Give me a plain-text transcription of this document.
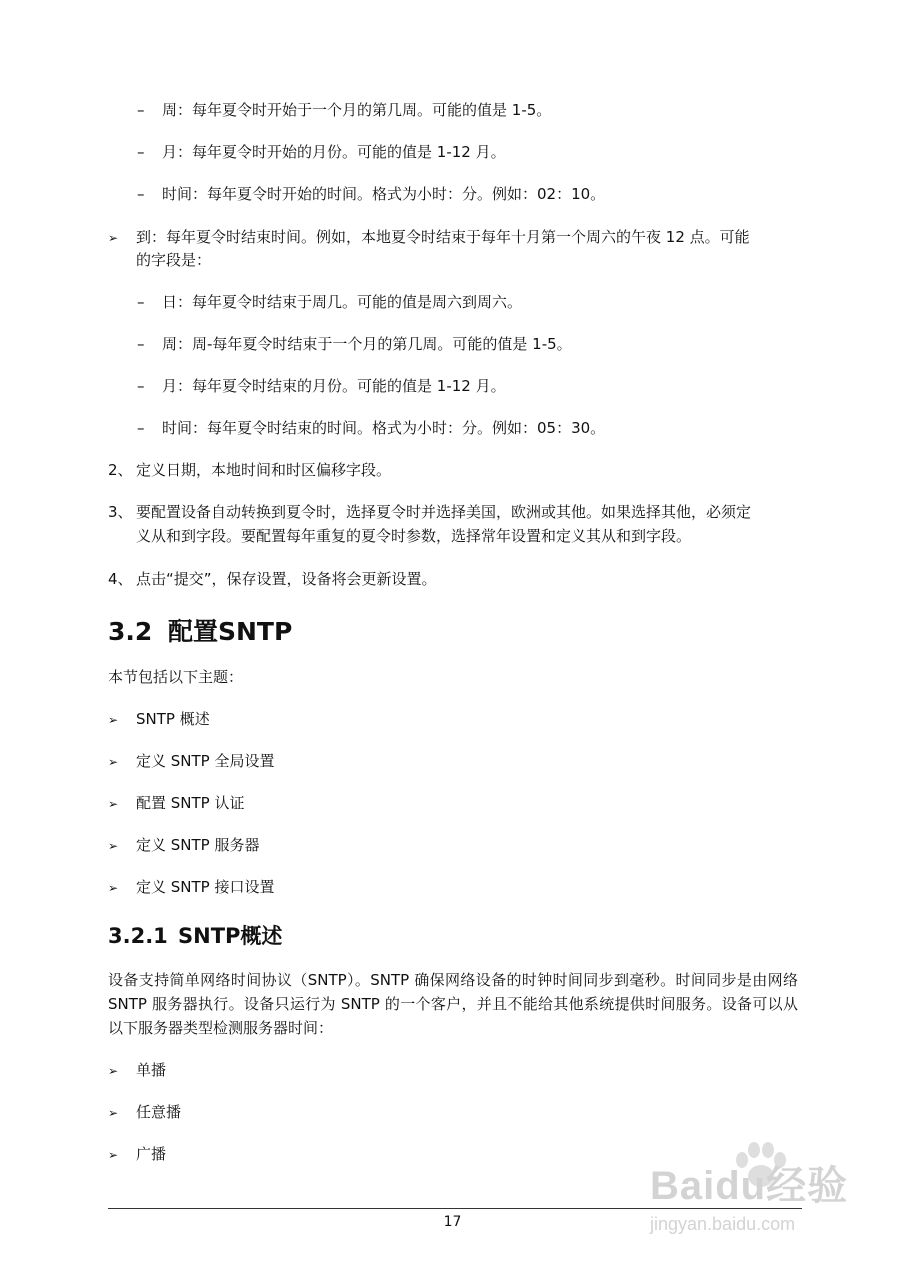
– 周：每年夏令时开始于一个月的第几周。可能的值是 1-5。
– 月：每年夏令时开始的月份。可能的值是 1-12 月。
– 时间：每年夏令时开始的时间。格式为小时：分。例如：02：10。
➢ 到：每年夏令时结束时间。例如，本地夏令时结束于每年十月第一个周六的午夜 12 点。可能
的字段是：
– 日：每年夏令时结束于周几。可能的值是周六到周六。
– 周：周-每年夏令时结束于一个月的第几周。可能的值是 1-5。
– 月：每年夏令时结束的月份。可能的值是 1-12 月。
– 时间：每年夏令时结束的时间。格式为小时：分。例如：05：30。
2、 定义日期，本地时间和时区偏移字段。
3、 要配置设备自动转换到夏令时，选择夏令时并选择美国，欧洲或其他。如果选择其他，必须定
义从和到字段。要配置每年重复的夏令时参数，选择常年设置和定义其从和到字段。
4、 点击“提交”，保存设置，设备将会更新设置。
3.2 配置SNTP
本节包括以下主题：
➢ SNTP 概述
➢ 定义 SNTP 全局设置
➢ 配置 SNTP 认证
➢ 定义 SNTP 服务器
➢ 定义 SNTP 接口设置
3.2.1 SNTP概述
设备支持简单网络时间协议（SNTP）。SNTP 确保网络设备的时钟时间同步到毫秒。时间同步是由网络 SNTP 服务器执行。设备只运行为 SNTP 的一个客户，并且不能给其他系统提供时间服务。设备可以从以下服务器类型检测服务器时间：
➢ 单播
➢ 任意播
➢ 广播
Baidu经验
jingyan.baidu.com
17
